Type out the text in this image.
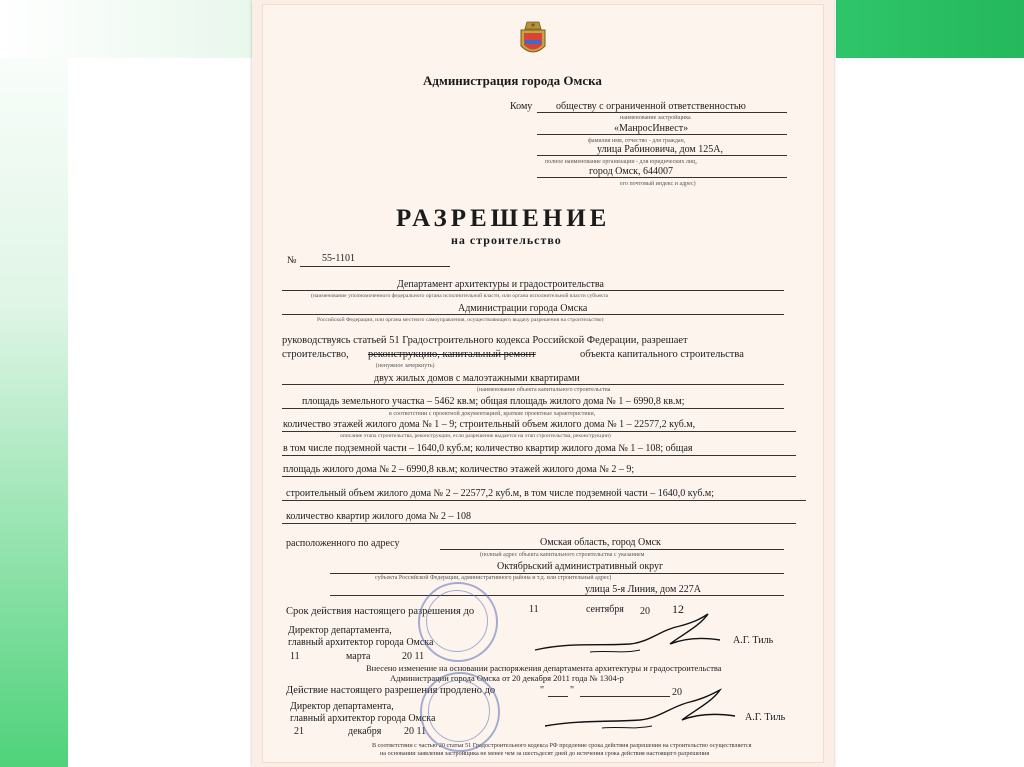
Администрация города Омска
Кому обществу с ограниченной ответственностью
наименование застройщика
«МанросИнвест»
фамилия имя, отчество - для граждан,
улица Рабиновича, дом 125А,
полное наименование организации - для юридических лиц,
город Омск, 644007
его почтовый индекс и адрес)
РАЗРЕШЕНИЕ
на строительство
№	55-1101
Департамент архитектуры и градостроительства
(наименование уполномоченного федерального органа исполнительной власти, или органа исполнительной власти субъекта
Администрации города Омска
Российской Федерации, или органа местного самоуправления, осуществляющего выдачу разрешения на строительство)
руководствуясь статьей 51 Градостроительного кодекса Российской Федерации, разрешает
строительство, реконструкцию, капитальный ремонт	объекта капитального строительства
(ненужное зачеркнуть)
двух жилых домов с малоэтажными квартирами
(наименование объекта капитального строительства
площадь земельного участка – 5462 кв.м; общая площадь жилого дома № 1 – 6990,8 кв.м;
в соответствии с проектной документацией, краткие проектные характеристики,
количество этажей жилого дома № 1 – 9; строительный объем жилого дома № 1 – 22577,2 куб.м,
описание этапа строительства, реконструкции, если разрешение выдается на этап строительства, реконструкции)
в том числе подземной части – 1640,0 куб.м; количество квартир жилого дома № 1 – 108; общая
площадь жилого дома № 2 – 6990,8 кв.м; количество этажей жилого дома № 2 – 9;
строительный объем жилого дома № 2 – 22577,2 куб.м, в том числе подземной части – 1640,0 куб.м;
количество квартир жилого дома № 2 – 108
расположенного по адресу	Омская область, город Омск
(полный адрес объекта капитального строительства с указанием
Октябрьский административный округ
субъекта Российской Федерации, административного района и т.д. или строительный адрес)
улица 5-я Линия, дом 227А
Срок действия настоящего разрешения до	11	сентября 20 12
Директор департамента,
главный архитектор города Омска	А.Г. Тиль
11	марта	20 11
Внесено изменение на основании распоряжения департамента архитектуры и градостроительства
Администрации города Омска от 20 декабря 2011 года № 1304-р
Действие настоящего разрешения продлено до	"	"	20
Директор департамента,
главный архитектор города Омска	А.Г. Тиль
21	декабря 20 11
В соответствии с частью 20 статьи 51 Градостроительного кодекса РФ продление срока действия разрешения на строительство осуществляется
на основании заявления застройщика не менее чем за шестьдесят дней до истечения срока действия настоящего разрешения
